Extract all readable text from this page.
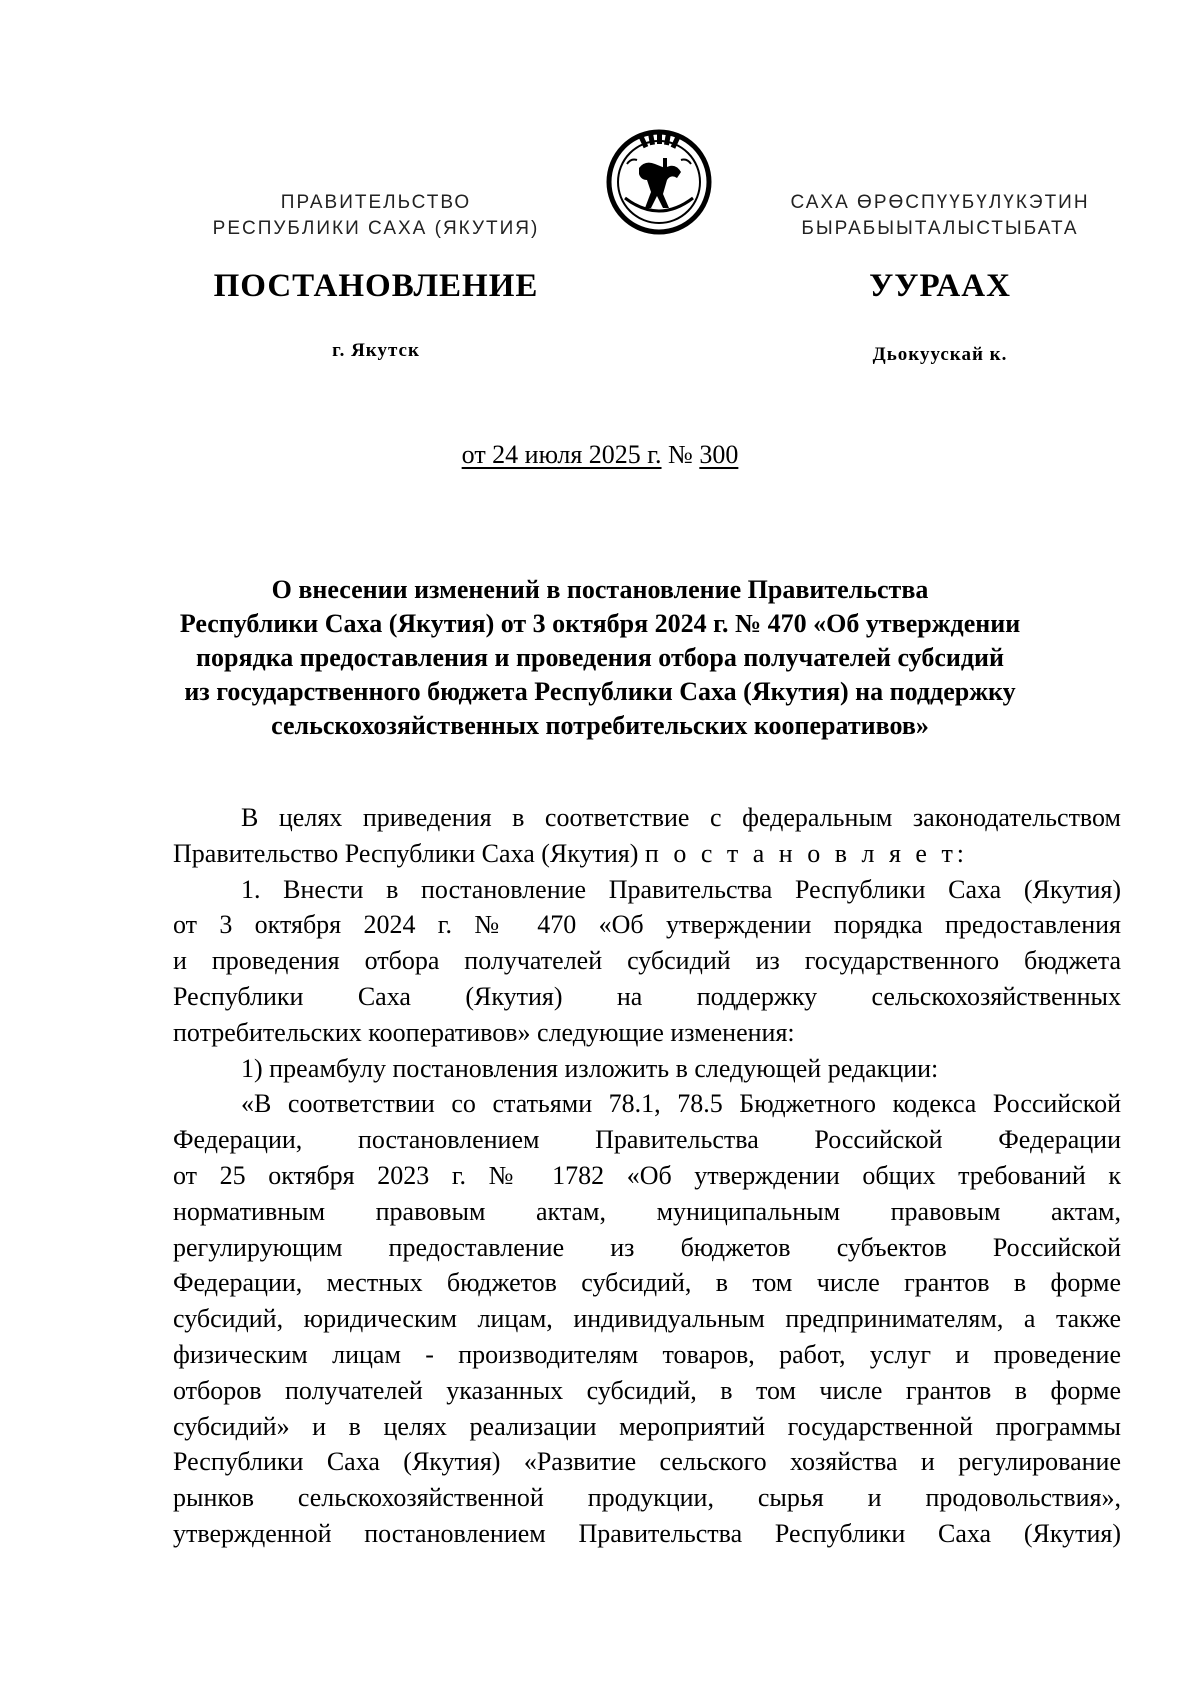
ПРАВИТЕЛЬСТВО
РЕСПУБЛИКИ САХА (ЯКУТИЯ)
САХА ӨРӨСПҮҮБҮЛҮКЭТИН
БЫРАБЫЫТАЛЫСТЫБАТА
ПОСТАНОВЛЕНИЕ	УУРААХ
г. Якутск	Дьокуускай к.
от 24 июля 2025 г. № 300
О внесении изменений в постановление Правительства
Республики Саха (Якутия) от 3 октября 2024 г. № 470 «Об утверждении
порядка предоставления и проведения отбора получателей субсидий
из государственного бюджета Республики Саха (Якутия) на поддержку
сельскохозяйственных потребительских кооперативов»
В целях приведения в соответствие с федеральным законодательством
Правительство Республики Саха (Якутия) п о с т а н о в л я е т:
1. Внести в постановление Правительства Республики Саха (Якутия)
от 3 октября 2024 г. № 470 «Об утверждении порядка предоставления
и проведения отбора получателей субсидий из государственного бюджета
Республики Саха (Якутия) на поддержку сельскохозяйственных
потребительских кооперативов» следующие изменения:
1) преамбулу постановления изложить в следующей редакции:
«В соответствии со статьями 78.1, 78.5 Бюджетного кодекса Российской
Федерации, постановлением Правительства Российской Федерации
от 25 октября 2023 г. № 1782 «Об утверждении общих требований к
нормативным правовым актам, муниципальным правовым актам,
регулирующим предоставление из бюджетов субъектов Российской
Федерации, местных бюджетов субсидий, в том числе грантов в форме
субсидий, юридическим лицам, индивидуальным предпринимателям, а также
физическим лицам - производителям товаров, работ, услуг и проведение
отборов получателей указанных субсидий, в том числе грантов в форме
субсидий» и в целях реализации мероприятий государственной программы
Республики Саха (Якутия) «Развитие сельского хозяйства и регулирование
рынков сельскохозяйственной продукции, сырья и продовольствия»,
утвержденной постановлением Правительства Республики Саха (Якутия)
